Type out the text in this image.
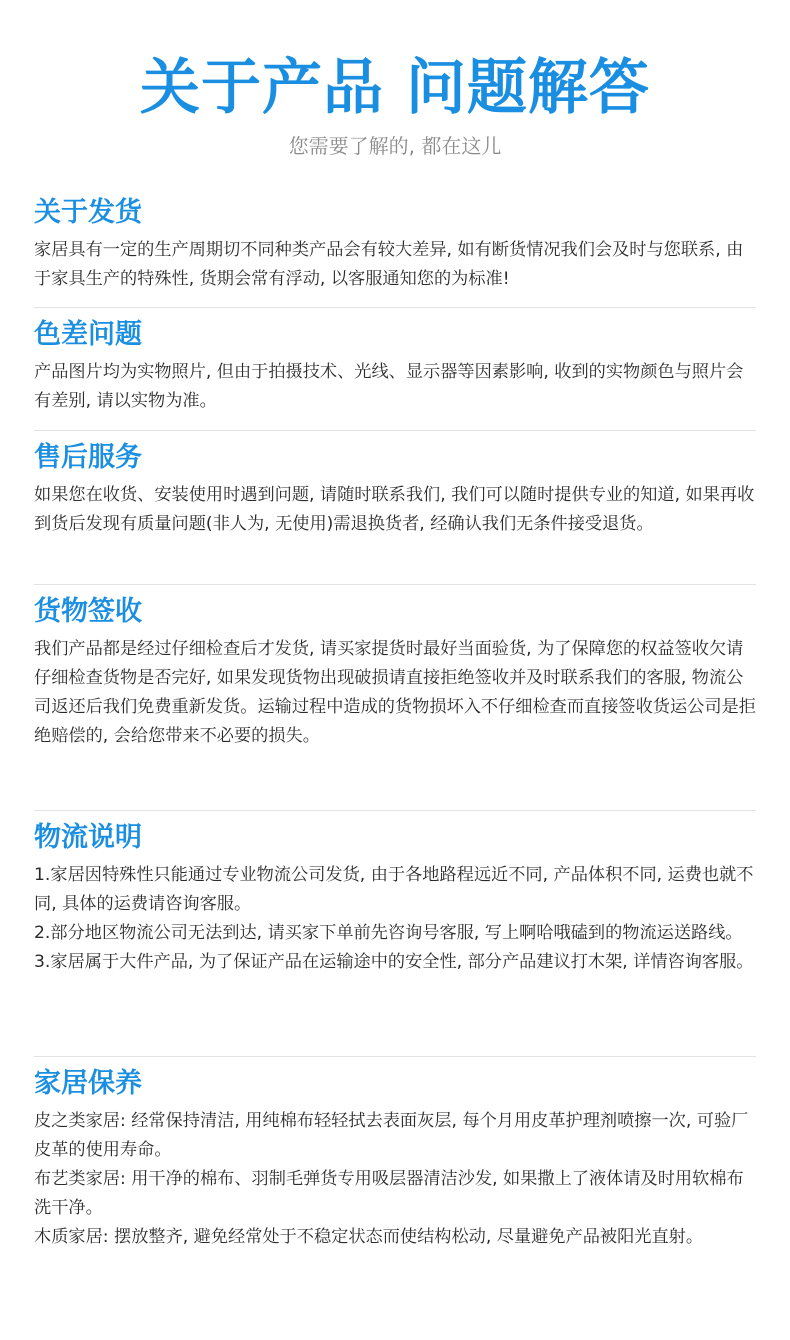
关于产品 问题解答
您需要了解的, 都在这儿
关于发货

家居具有一定的生产周期切不同种类产品会有较大差异, 如有断货情况我们会及时与您联系, 由于家具生产的特殊性, 货期会常有浮动, 以客服通知您的为标准!

色差问题

产品图片均为实物照片, 但由于拍摄技术、光线、显示器等因素影响, 收到的实物颜色与照片会有差别, 请以实物为准。

售后服务

如果您在收货、安装使用时遇到问题, 请随时联系我们, 我们可以随时提供专业的知道, 如果再收到货后发现有质量问题(非人为, 无使用)需退换货者, 经确认我们无条件接受退货。

货物签收

我们产品都是经过仔细检查后才发货, 请买家提货时最好当面验货, 为了保障您的权益签收欠请仔细检查货物是否完好, 如果发现货物出现破损请直接拒绝签收并及时联系我们的客服, 物流公司返还后我们免费重新发货。运输过程中造成的货物损坏入不仔细检查而直接签收货运公司是拒绝赔偿的, 会给您带来不必要的损失。

物流说明

1.家居因特殊性只能通过专业物流公司发货, 由于各地路程远近不同, 产品体积不同, 运费也就不同, 具体的运费请咨询客服。

2.部分地区物流公司无法到达, 请买家下单前先咨询号客服, 写上啊哈哦磕到的物流运送路线。

3.家居属于大件产品, 为了保证产品在运输途中的安全性, 部分产品建议打木架, 详情咨询客服。

家居保养

皮之类家居: 经常保持清洁, 用纯棉布轻轻拭去表面灰层, 每个月用皮革护理剂喷擦一次, 可验厂皮革的使用寿命。

布艺类家居: 用干净的棉布、羽制毛弹货专用吸层器清洁沙发, 如果撒上了液体请及时用软棉布洗干净。

木质家居: 摆放整齐, 避免经常处于不稳定状态而使结构松动, 尽量避免产品被阳光直射。
